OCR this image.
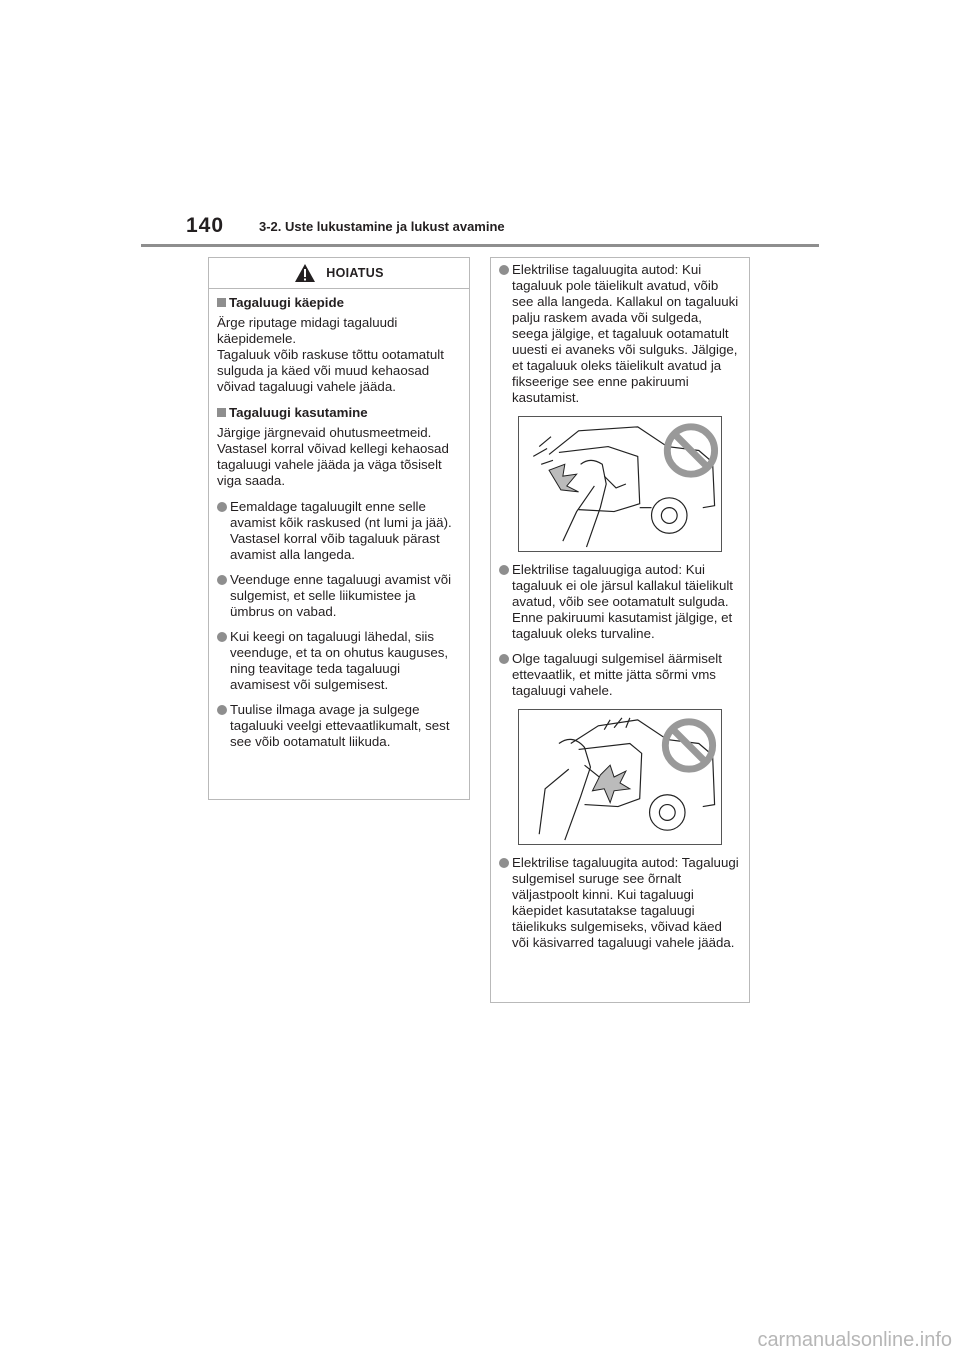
140	3-2. Uste lukustamine ja lukust avamine
HOIATUS
Tagaluugi käepide

Ärge riputage midagi tagaluudi käepidemele.
Tagaluuk võib raskuse tõttu ootamatult sulguda ja käed või muud kehaosad võivad tagaluugi vahele jääda.

Tagaluugi kasutamine

Järgige järgnevaid ohutusmeetmeid. Vastasel korral võivad kellegi kehaosad tagaluugi vahele jääda ja väga tõsiselt viga saada.

Eemaldage tagaluugilt enne selle avamist kõik raskused (nt lumi ja jää). Vastasel korral võib tagaluuk pärast avamist alla langeda.
Veenduge enne tagaluugi avamist või sulgemist, et selle liikumistee ja ümbrus on vabad.
Kui keegi on tagaluugi lähedal, siis veenduge, et ta on ohutus kauguses, ning teavitage teda tagaluugi avamisest või sulgemisest.
Tuulise ilmaga avage ja sulgege tagaluuki veelgi ettevaatlikumalt, sest see võib ootamatult liikuda.
Elektrilise tagaluugita autod: Kui tagaluuk pole täielikult avatud, võib see alla langeda. Kallakul on tagaluuki palju raskem avada või sulgeda, seega jälgige, et tagaluuk ootamatult uuesti ei avaneks või sulguks. Jälgige, et tagaluuk oleks täielikult avatud ja fikseerige see enne pakiruumi kasutamist.
Elektrilise tagaluugiga autod: Kui tagaluuk ei ole järsul kallakul täielikult avatud, võib see ootamatult sulguda. Enne pakiruumi kasutamist jälgige, et tagaluuk oleks turvaline.
Olge tagaluugi sulgemisel äärmiselt ettevaatlik, et mitte jätta sõrmi vms tagaluugi vahele.
Elektrilise tagaluugita autod: Tagaluugi sulgemisel suruge see õrnalt väljastpoolt kinni. Kui tagaluugi käepidet kasutatakse tagaluugi täielikuks sulgemiseks, võivad käed või käsivarred tagaluugi vahele jääda.
carmanualsonline.info
